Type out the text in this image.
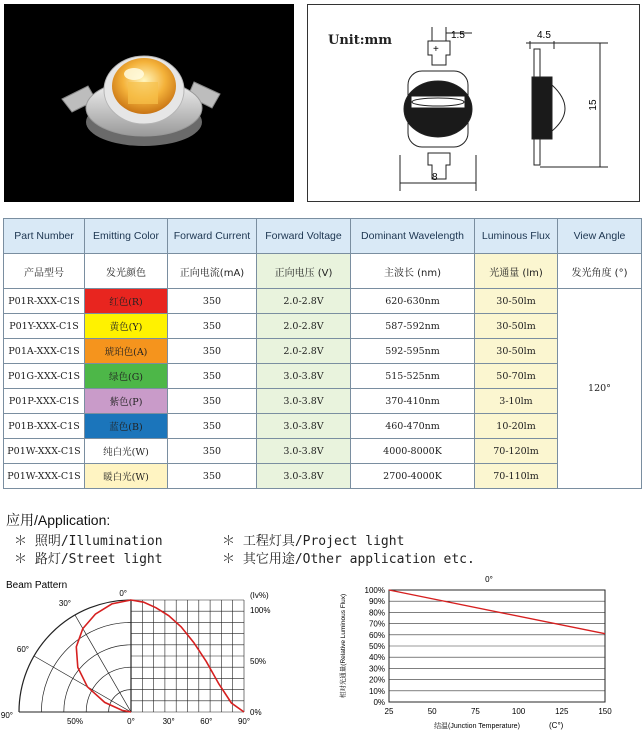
Unit:mm	1.5
+
8
4.5
15
Part Number	Emitting Color	Forward Current	Forward Voltage	Dominant Wavelength	Luminous Flux	View Angle
产品型号	发光颜色	正向电流(mA)	正向电压 (V)	主波长 (nm)	光通量 (lm)	发光角度 (°)
P01R-XXX-C1S	红色(R)	350	2.0-2.8V	620-630nm	30-50lm	120°
P01Y-XXX-C1S	黄色(Y)	350	2.0-2.8V	587-592nm	30-50lm	
P01A-XXX-C1S	琥珀色(A)	350	2.0-2.8V	592-595nm	30-50lm	
P01G-XXX-C1S	绿色(G)	350	3.0-3.8V	515-525nm	50-70lm	
P01P-XXX-C1S	紫色(P)	350	3.0-3.8V	370-410nm	3-10lm	
P01B-XXX-C1S	蓝色(B)	350	3.0-3.8V	460-470nm	10-20lm	
P01W-XXX-C1S	纯白光(W)	350	3.0-3.8V	4000-8000K	70-120lm	
P01W-XXX-C1S	暖白光(W)	350	3.0-3.8V	2700-4000K	70-110lm	
应用/Application:
＊ 照明/Illumination	＊ 工程灯具/Project light
＊ 路灯/Street light	＊ 其它用途/Other application etc.
Beam Pattern
0°
30°
60°
90°
0°	30°	60°	90°
50%
(Iv%)
100%
50%
0%
0°
100%
90%
80%
70%
60%
50%
40%
30%
20%
10%
0%
25	50	75	100	125	150
结温(Junction Temperature)	(C°)
相对光通量(Relative Luminous Flux)
